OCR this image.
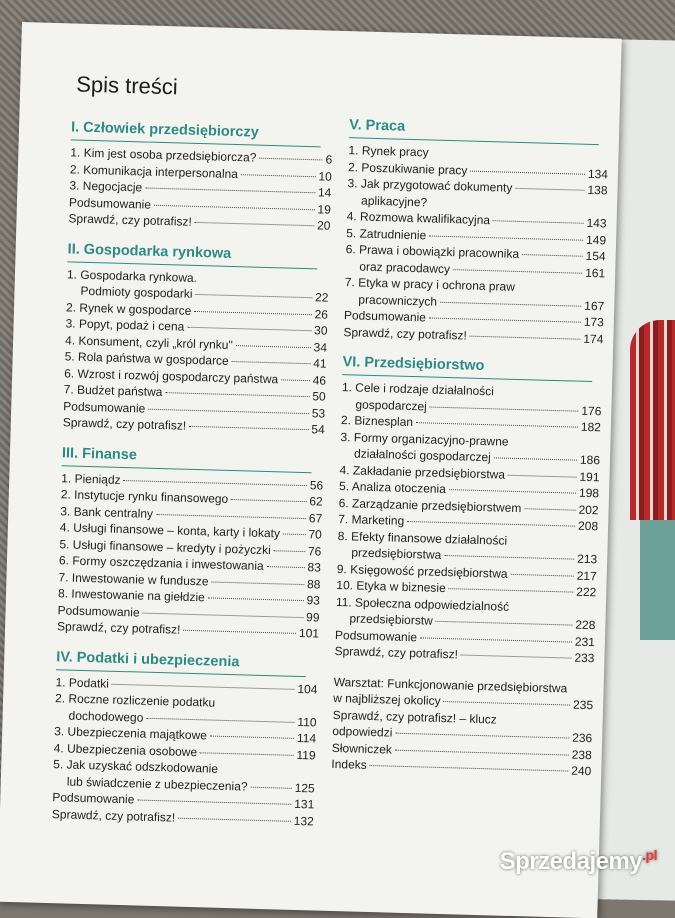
Spis treści
I. Człowiek przedsiębiorczy
1. Kim jest osoba przedsiębiorcza?	6
2. Komunikacja interpersonalna	10
3. Negocjacje	14
Podsumowanie	19
Sprawdź, czy potrafisz!	20
II. Gospodarka rynkowa
1. Gospodarka rynkowa.
Podmioty gospodarki	22
2. Rynek w gospodarce	26
3. Popyt, podaż i cena	30
4. Konsument, czyli „król rynku"	34
5. Rola państwa w gospodarce	41
6. Wzrost i rozwój gospodarczy państwa	46
7. Budżet państwa	50
Podsumowanie	53
Sprawdź, czy potrafisz!	54
III. Finanse
1. Pieniądz	56
2. Instytucje rynku finansowego	62
3. Bank centralny	67
4. Usługi finansowe – konta, karty i lokaty 70
5. Usługi finansowe – kredyty i pożyczki	76
6. Formy oszczędzania i inwestowania	83
7. Inwestowanie w fundusze	88
8. Inwestowanie na giełdzie	93
Podsumowanie	99
Sprawdź, czy potrafisz!	101
IV. Podatki i ubezpieczenia
1. Podatki	104
2. Roczne rozliczenie podatku
dochodowego	110
3. Ubezpieczenia majątkowe	114
4. Ubezpieczenia osobowe	119
5. Jak uzyskać odszkodowanie
lub świadczenie z ubezpieczenia?	125
Podsumowanie	131
Sprawdź, czy potrafisz!	132
V. Praca
1. Rynek pracy
2. Poszukiwanie pracy	134
3. Jak przygotować dokumenty	138
aplikacyjne?
4. Rozmowa kwalifikacyjna	143
5. Zatrudnienie	149
6. Prawa i obowiązki pracownika	154
oraz pracodawcy	161
7. Etyka w pracy i ochrona praw
pracowniczych	167
Podsumowanie	173
Sprawdź, czy potrafisz!	174
VI. Przedsiębiorstwo
1. Cele i rodzaje działalności
gospodarczej	176
2. Biznesplan	182
3. Formy organizacyjno-prawne
działalności gospodarczej	186
4. Zakładanie przedsiębiorstwa	191
5. Analiza otoczenia	198
6. Zarządzanie przedsiębiorstwem	202
7. Marketing	208
8. Efekty finansowe działalności
przedsiębiorstwa	213
9. Księgowość przedsiębiorstwa	217
10. Etyka w biznesie	222
11. Społeczna odpowiedzialność
przedsiębiorstw	228
Podsumowanie	231
Sprawdź, czy potrafisz!	233
Warsztat: Funkcjonowanie przedsiębiorstwa
w najbliższej okolicy	235
Sprawdź, czy potrafisz! – klucz
odpowiedzi	236
Słowniczek	238
Indeks	240
Sprzedajemy$^{.pl}$
